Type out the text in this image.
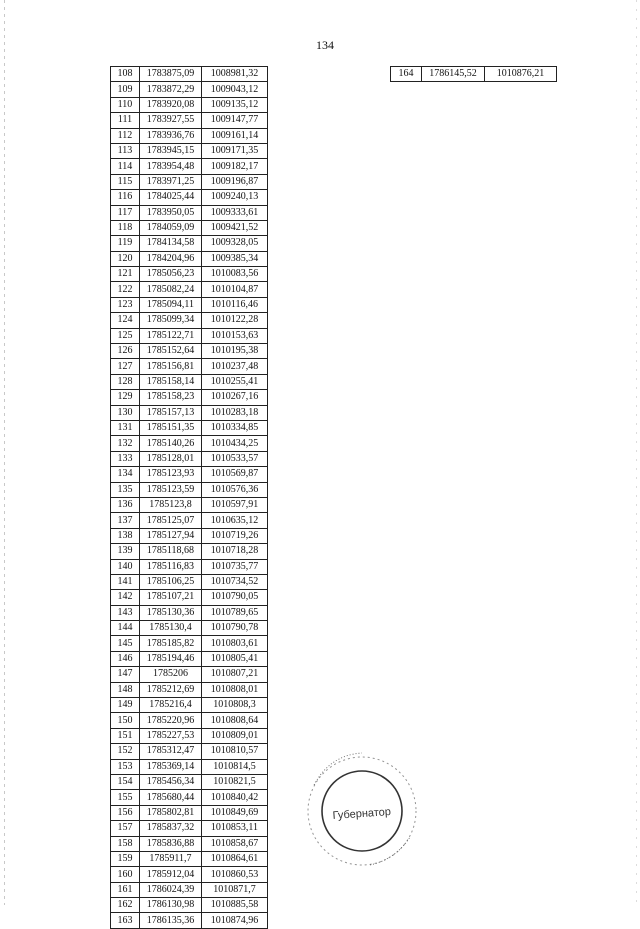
134
108	1783875,09	1008981,32
109	1783872,29	1009043,12
110	1783920,08	1009135,12
111	1783927,55	1009147,77
112	1783936,76	1009161,14
113	1783945,15	1009171,35
114	1783954,48	1009182,17
115	1783971,25	1009196,87
116	1784025,44	1009240,13
117	1783950,05	1009333,61
118	1784059,09	1009421,52
119	1784134,58	1009328,05
120	1784204,96	1009385,34
121	1785056,23	1010083,56
122	1785082,24	1010104,87
123	1785094,11	1010116,46
124	1785099,34	1010122,28
125	1785122,71	1010153,63
126	1785152,64	1010195,38
127	1785156,81	1010237,48
128	1785158,14	1010255,41
129	1785158,23	1010267,16
130	1785157,13	1010283,18
131	1785151,35	1010334,85
132	1785140,26	1010434,25
133	1785128,01	1010533,57
134	1785123,93	1010569,87
135	1785123,59	1010576,36
136	1785123,8	1010597,91
137	1785125,07	1010635,12
138	1785127,94	1010719,26
139	1785118,68	1010718,28
140	1785116,83	1010735,77
141	1785106,25	1010734,52
142	1785107,21	1010790,05
143	1785130,36	1010789,65
144	1785130,4	1010790,78
145	1785185,82	1010803,61
146	1785194,46	1010805,41
147	1785206	1010807,21
148	1785212,69	1010808,01
149	1785216,4	1010808,3
150	1785220,96	1010808,64
151	1785227,53	1010809,01
152	1785312,47	1010810,57
153	1785369,14	1010814,5
154	1785456,34	1010821,5
155	1785680,44	1010840,42
156	1785802,81	1010849,69
157	1785837,32	1010853,11
158	1785836,88	1010858,67
159	1785911,7	1010864,61
160	1785912,04	1010860,53
161	1786024,39	1010871,7
162	1786130,98	1010885,58
163	1786135,36	1010874,96
164	1786145,52	1010876,21
Губернатор
